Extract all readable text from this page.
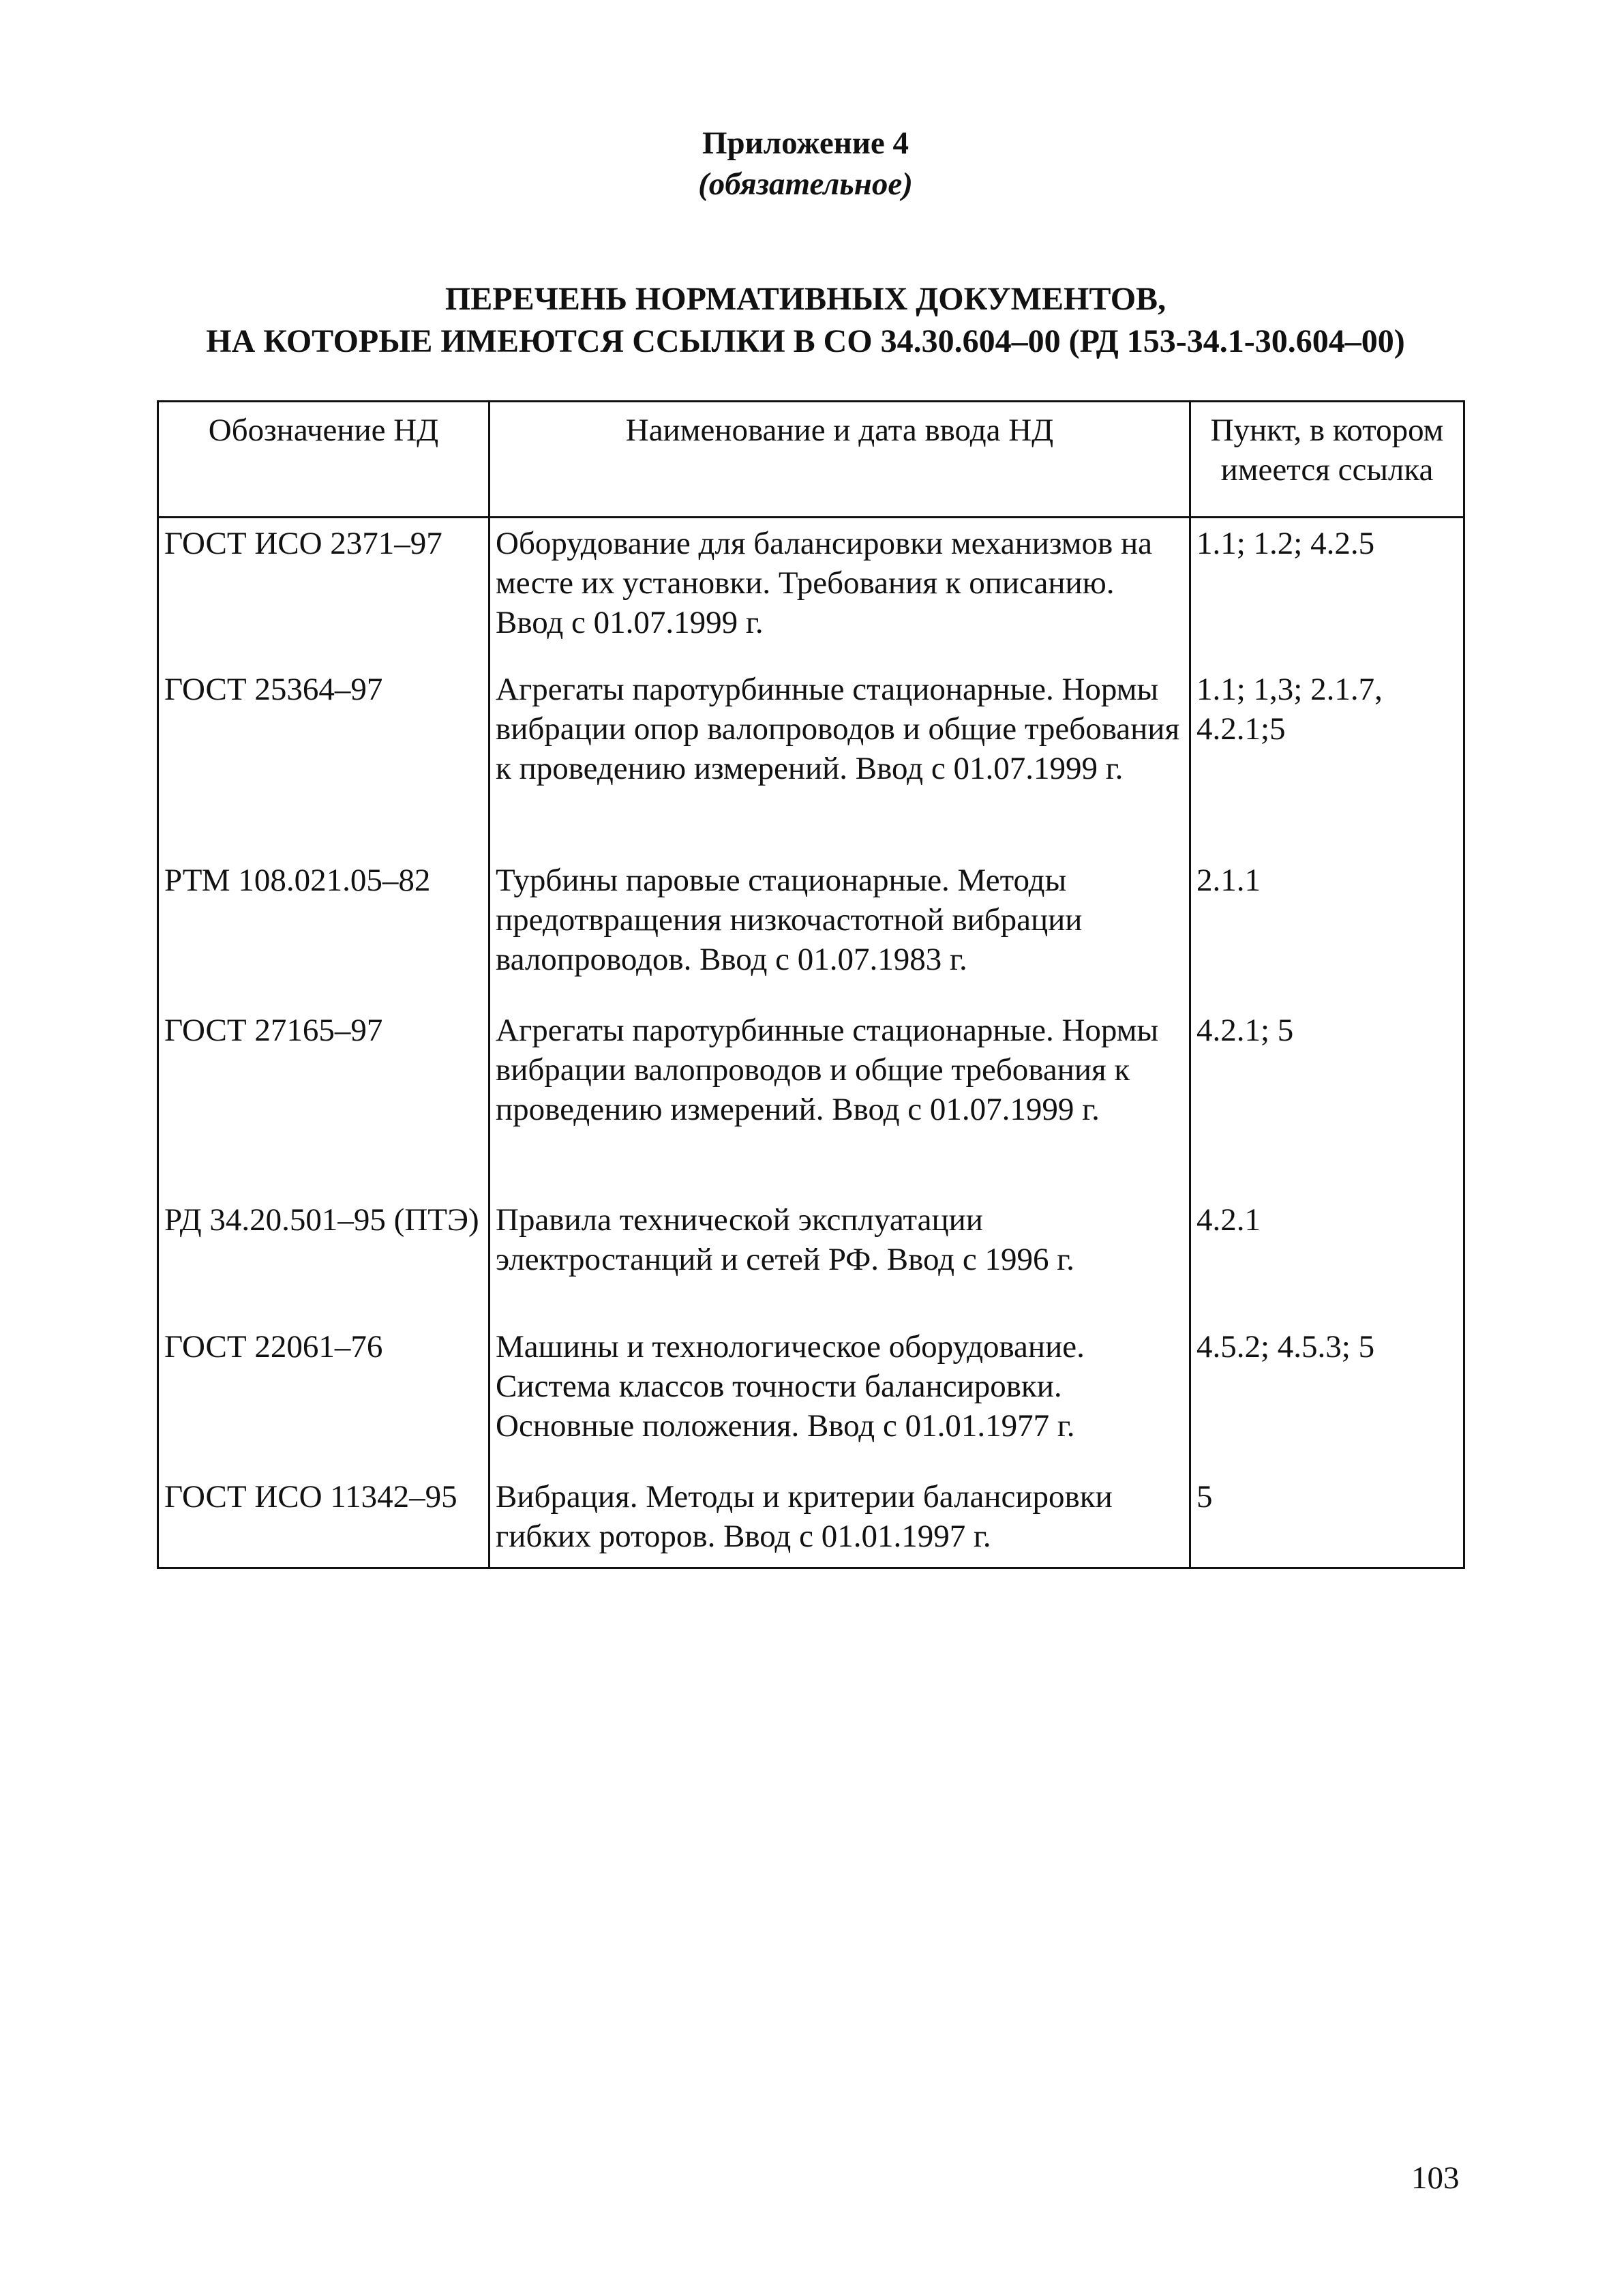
Приложение 4
(обязательное)
ПЕРЕЧЕНЬ НОРМАТИВНЫХ ДОКУМЕНТОВ,
НА КОТОРЫЕ ИМЕЮТСЯ ССЫЛКИ В СО 34.30.604–00 (РД 153-34.1-30.604–00)
Обозначение НД	Наименование и дата ввода НД	Пункт, в котором имеется ссылка
ГОСТ ИСО 2371–97	Оборудование для балансировки механизмов на месте их установки. Требования к описанию. Ввод с 01.07.1999 г.	1.1; 1.2; 4.2.5
ГОСТ 25364–97	Агрегаты паротурбинные стационарные. Нормы вибрации опор валопроводов и общие требования к проведению измерений. Ввод с 01.07.1999 г.	1.1; 1,3; 2.1.7, 4.2.1;5
РТМ 108.021.05–82	Турбины паровые стационарные. Методы предотвращения низкочастотной вибрации валопроводов. Ввод с 01.07.1983 г.	2.1.1
ГОСТ 27165–97	Агрегаты паротурбинные стационарные. Нормы вибрации валопроводов и общие требования к проведению измерений. Ввод с 01.07.1999 г.	4.2.1; 5
РД 34.20.501–95 (ПТЭ)	Правила технической эксплуатации электростанций и сетей РФ. Ввод с 1996 г.	4.2.1
ГОСТ 22061–76	Машины и технологическое оборудование. Система классов точности балансировки. Основные положения. Ввод с 01.01.1977 г.	4.5.2; 4.5.3; 5
ГОСТ ИСО 11342–95	Вибрация. Методы и критерии балансировки гибких роторов. Ввод с 01.01.1997 г.	5
103
